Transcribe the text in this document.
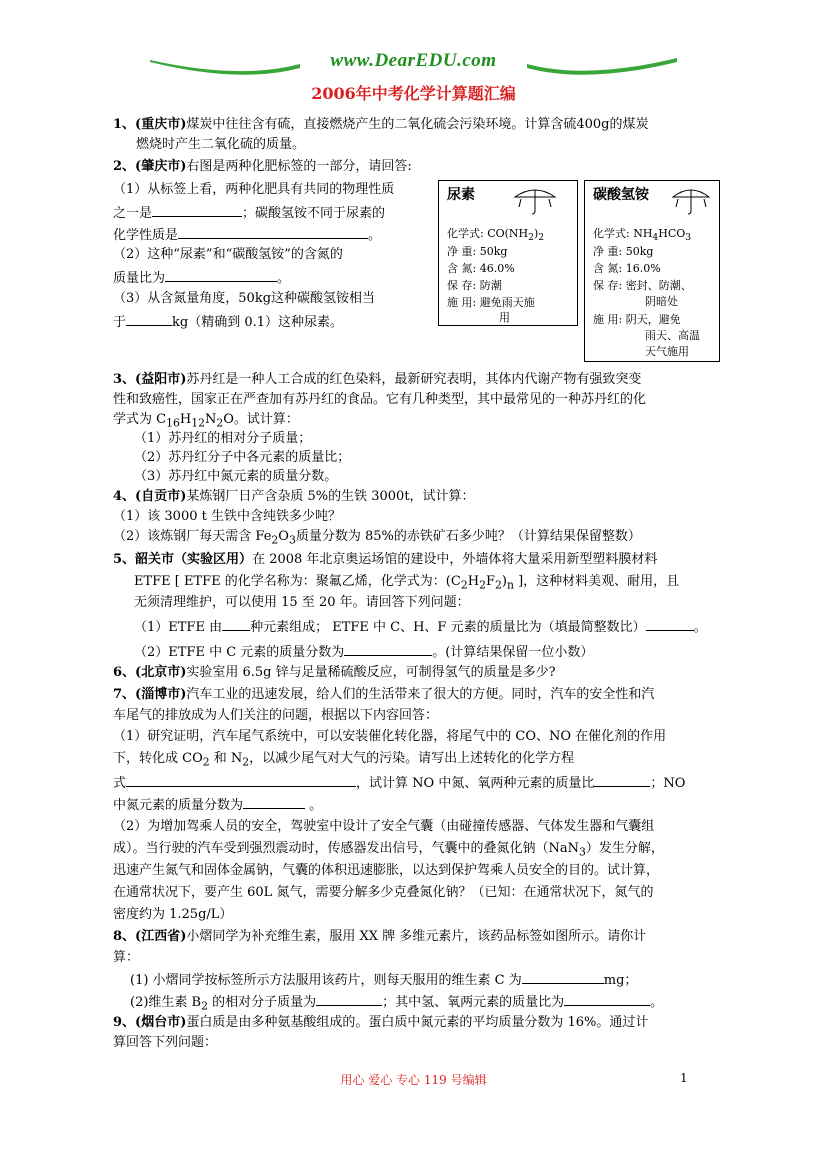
www.DearEDU.com
2006年中考化学计算题汇编
1、(重庆市)煤炭中往往含有硫，直接燃烧产生的二氧化硫会污染环境。计算含硫400g的煤炭
燃烧时产生二氧化硫的质量。
2、(肇庆市)右图是两种化肥标签的一部分，请回答:
（1）从标签上看，两种化肥具有共同的物理性质
之一是	；碳酸氢铵不同于尿素的
化学性质是	。
（2）这种“尿素”和“碳酸氢铵”的含氮的
质量比为	。
（3）从含氮量角度，50kg这种碳酸氢铵相当
于	kg（精确到 0.1）这种尿素。
尿素
化学式: $CO(NH_2)_2$
净 重: 50kg
含 氮: 46.0%
保 存: 防潮
施 用: 避免雨天施
用
碳酸氢铵
化学式: $NH_4HCO_3$
净 重: 50kg
含 氮: 16.0%
保 存: 密封、防潮、
阴暗处
施 用: 阴天，避免
雨天、高温
天气施用
3、(益阳市)苏丹红是一种人工合成的红色染料，最新研究表明，其体内代谢产物有强致突变
性和致癌性，国家正在严查加有苏丹红的食品。它有几种类型，其中最常见的一种苏丹红的化
学式为 $C_{16}H_{12}N_2O$。试计算：
（1）苏丹红的相对分子质量；
（2）苏丹红分子中各元素的质量比；
（3）苏丹红中氮元素的质量分数。
4、(自贡市)某炼钢厂日产含杂质 5%的生铁 3000t，试计算：
（1）该 3000 t 生铁中含纯铁多少吨？
（2）该炼钢厂每天需含 $Fe_2O_3$质量分数为 85%的赤铁矿石多少吨？（计算结果保留整数）
5、韶关市（实验区用）在 2008 年北京奥运场馆的建设中，外墙体将大量采用新型塑料膜材料
ETFE [ ETFE 的化学名称为：聚氟乙烯，化学式为：$(C_2H_2F_2)_n$ ]，这种材料美观、耐用，且
无须清理维护，可以使用 15 至 20 年。请回答下列问题：
（1）ETFE 由 种元素组成； ETFE 中 C、H、F 元素的质量比为（填最简整数比）	。
（2）ETFE 中 C 元素的质量分数为	。(计算结果保留一位小数）
6、(北京市)实验室用 6.5g 锌与足量稀硫酸反应，可制得氢气的质量是多少?
7、(淄博市)汽车工业的迅速发展，给人们的生活带来了很大的方便。同时，汽车的安全性和汽
车尾气的排放成为人们关注的问题，根据以下内容回答：
（1）研究证明，汽车尾气系统中，可以安装催化转化器，将尾气中的 CO、NO 在催化剂的作用
下，转化成 $CO_2$ 和 $N_2$，以减少尾气对大气的污染。请写出上述转化的化学方程
式	，试计算 NO 中氮、氧两种元素的质量比	；NO
中氮元素的质量分数为	。
（2）为增加驾乘人员的安全，驾驶室中设计了安全气囊（由碰撞传感器、气体发生器和气囊组
成）。当行驶的汽车受到强烈震动时，传感器发出信号，气囊中的叠氮化钠（NaN$_3$）发生分解，
迅速产生氮气和固体金属钠，气囊的体积迅速膨胀，以达到保护驾乘人员安全的目的。试计算，
在通常状况下，要产生 60L 氮气，需要分解多少克叠氮化钠？（已知：在通常状况下，氮气的
密度约为 1.25g/L）
8、(江西省)小熠同学为补充维生素，服用 XX 牌 多维元素片，该药品标签如图所示。请你计
算：
(1) 小熠同学按标签所示方法服用该药片，则每天服用的维生素 C 为	mg；
(2)维生素 $B_2$ 的相对分子质量为	；其中氢、氧两元素的质量比为	。
9、(烟台市)蛋白质是由多种氨基酸组成的。蛋白质中氮元素的平均质量分数为 16%。通过计
算回答下列问题：
用心 爱心 专心 119 号编辑	1
